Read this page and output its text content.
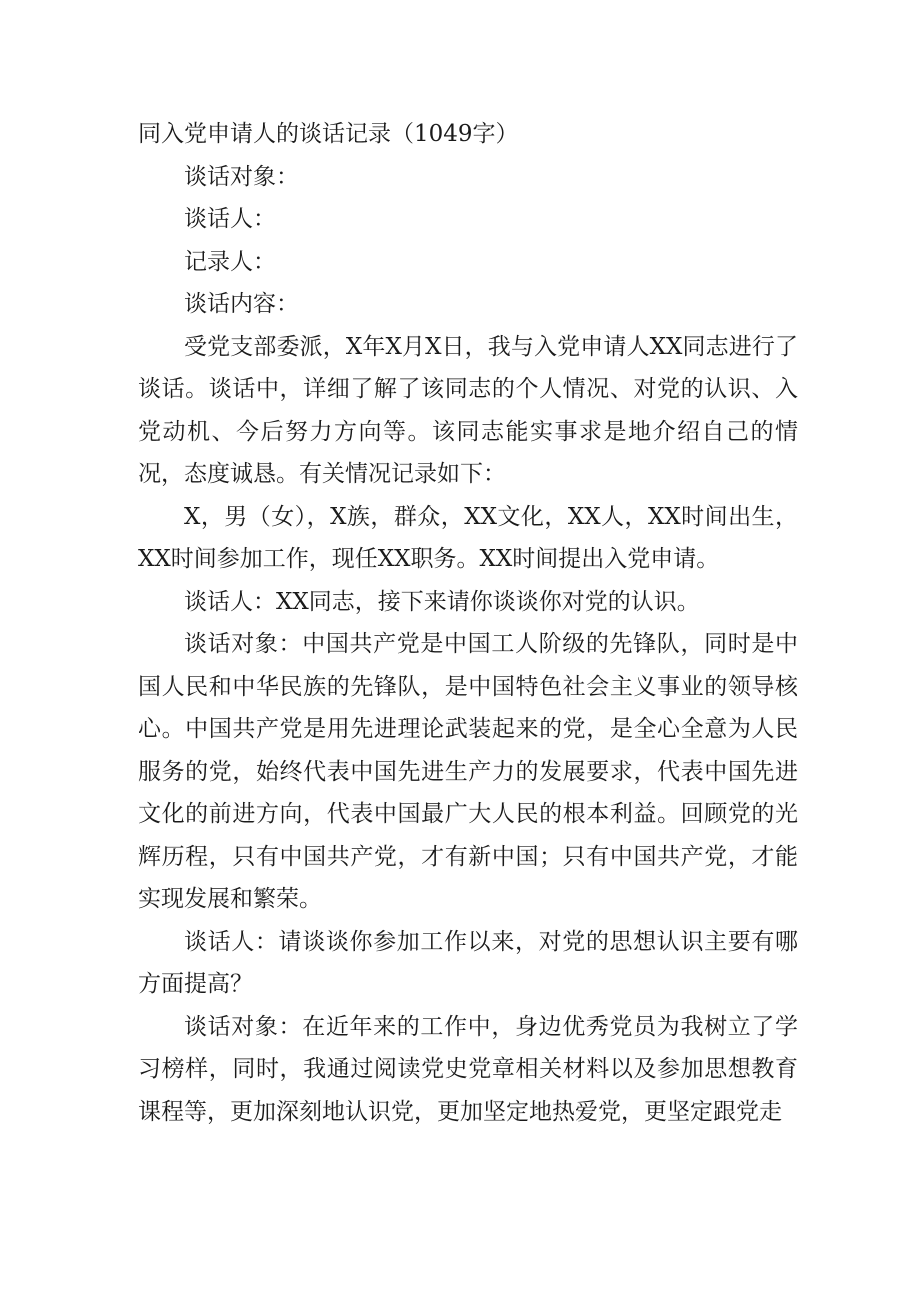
同入党申请人的谈话记录（1049字）

谈话对象：

谈话人：

记录人：

谈话内容：

受党支部委派，X年X月X日，我与入党申请人XX同志进行了谈话。谈话中，详细了解了该同志的个人情况、对党的认识、入党动机、今后努力方向等。该同志能实事求是地介绍自己的情况，态度诚恳。有关情况记录如下：

X，男（女），X族，群众，XX文化，XX人，XX时间出生，XX时间参加工作，现任XX职务。XX时间提出入党申请。

谈话人：XX同志，接下来请你谈谈你对党的认识。

谈话对象：中国共产党是中国工人阶级的先锋队，同时是中国人民和中华民族的先锋队，是中国特色社会主义事业的领导核心。中国共产党是用先进理论武装起来的党，是全心全意为人民服务的党，始终代表中国先进生产力的发展要求，代表中国先进文化的前进方向，代表中国最广大人民的根本利益。回顾党的光辉历程，只有中国共产党，才有新中国；只有中国共产党，才能实现发展和繁荣。

谈话人：请谈谈你参加工作以来，对党的思想认识主要有哪方面提高？

谈话对象：在近年来的工作中，身边优秀党员为我树立了学习榜样，同时，我通过阅读党史党章相关材料以及参加思想教育课程等，更加深刻地认识党，更加坚定地热爱党，更坚定跟党走
